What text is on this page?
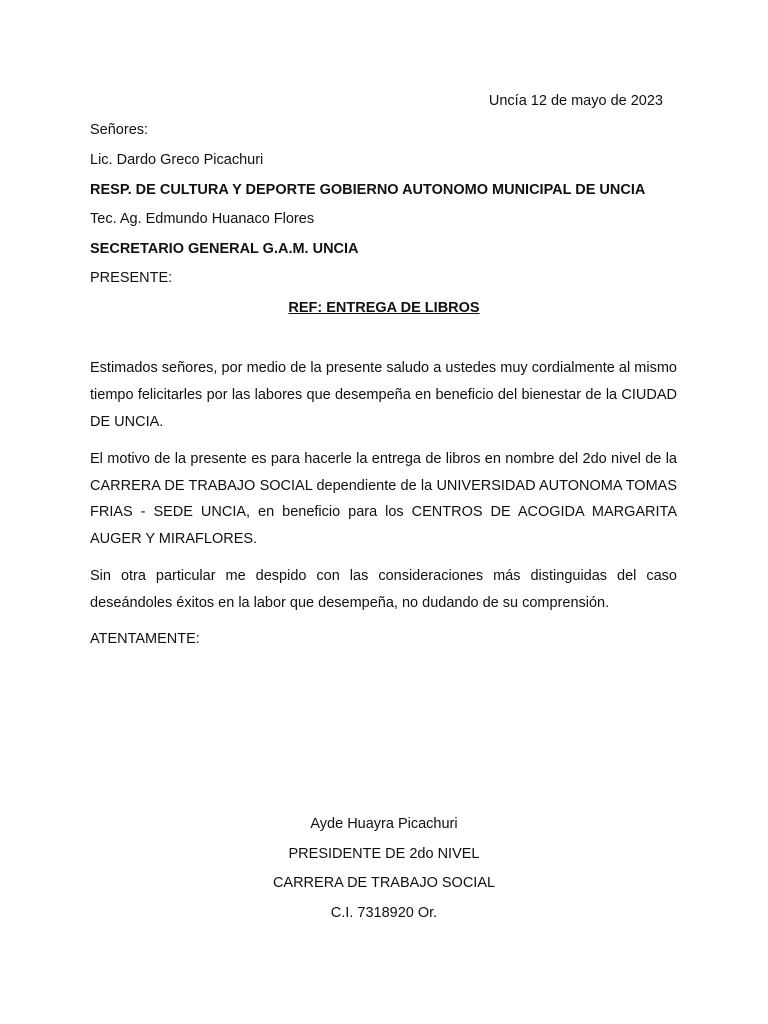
Uncía 12 de mayo de 2023
Señores:
Lic. Dardo Greco Picachuri
RESP. DE CULTURA Y DEPORTE GOBIERNO AUTONOMO MUNICIPAL DE UNCIA
Tec. Ag. Edmundo Huanaco Flores
SECRETARIO GENERAL G.A.M. UNCIA
PRESENTE:
REF: ENTREGA DE LIBROS
Estimados señores, por medio de la presente saludo a ustedes muy cordialmente al mismo tiempo felicitarles por las labores que desempeña en beneficio del bienestar de la CIUDAD DE UNCIA.
El motivo de la presente es para hacerle la entrega de libros en nombre del 2do nivel de la CARRERA DE TRABAJO SOCIAL dependiente de la UNIVERSIDAD AUTONOMA TOMAS FRIAS - SEDE UNCIA, en beneficio para los CENTROS DE ACOGIDA MARGARITA AUGER Y MIRAFLORES.
Sin otra particular me despido con las consideraciones más distinguidas del caso deseándoles éxitos en la labor que desempeña, no dudando de su comprensión.
ATENTAMENTE:
Ayde Huayra Picachuri
PRESIDENTE DE 2do NIVEL
CARRERA DE TRABAJO SOCIAL
C.I. 7318920 Or.
